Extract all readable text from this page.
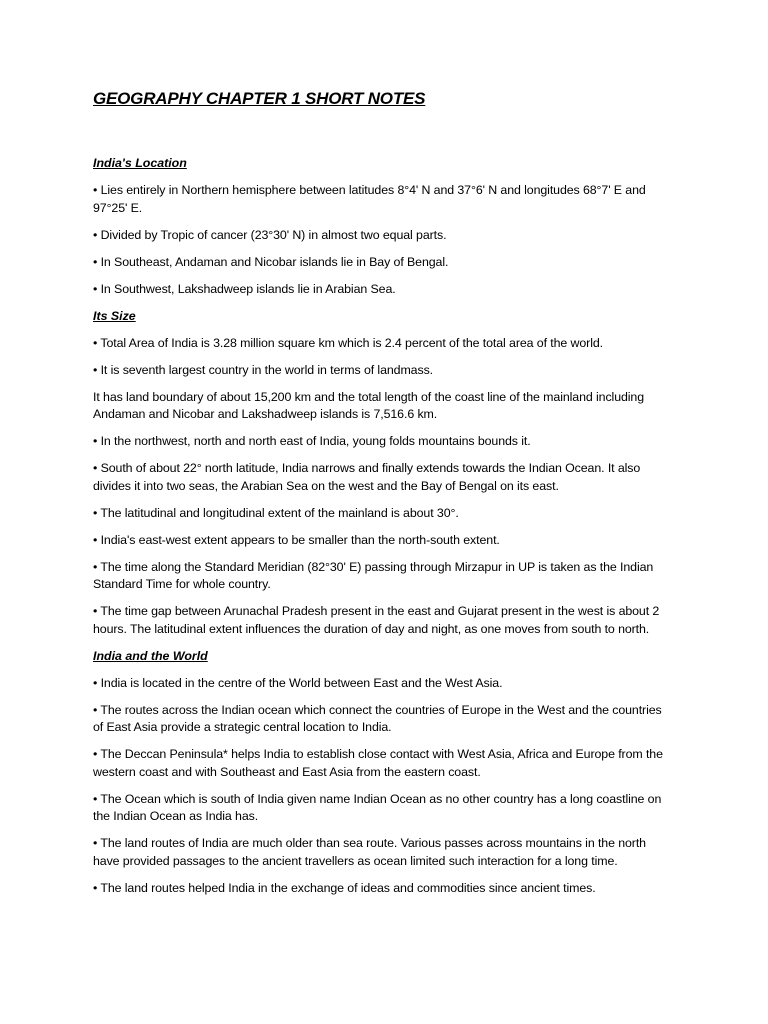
GEOGRAPHY CHAPTER 1 SHORT NOTES

India's Location

• Lies entirely in Northern hemisphere between latitudes 8°4' N and 37°6' N and longitudes 68°7' E and 97°25' E.

• Divided by Tropic of cancer (23°30' N) in almost two equal parts.

• In Southeast, Andaman and Nicobar islands lie in Bay of Bengal.

• In Southwest, Lakshadweep islands lie in Arabian Sea.

Its Size

• Total Area of India is 3.28 million square km which is 2.4 percent of the total area of the world.

• It is seventh largest country in the world in terms of landmass.

It has land boundary of about 15,200 km and the total length of the coast line of the mainland including Andaman and Nicobar and Lakshadweep islands is 7,516.6 km.

• In the northwest, north and north east of India, young folds mountains bounds it.

• South of about 22° north latitude, India narrows and finally extends towards the Indian Ocean. It also divides it into two seas, the Arabian Sea on the west and the Bay of Bengal on its east.

• The latitudinal and longitudinal extent of the mainland is about 30°.

• India's east-west extent appears to be smaller than the north-south extent.

• The time along the Standard Meridian (82°30' E) passing through Mirzapur in UP is taken as the Indian Standard Time for whole country.

• The time gap between Arunachal Pradesh present in the east and Gujarat present in the west is about 2 hours. The latitudinal extent influences the duration of day and night, as one moves from south to north.

India and the World

• India is located in the centre of the World between East and the West Asia.

• The routes across the Indian ocean which connect the countries of Europe in the West and the countries of East Asia provide a strategic central location to India.

• The Deccan Peninsula* helps India to establish close contact with West Asia, Africa and Europe from the western coast and with Southeast and East Asia from the eastern coast.

• The Ocean which is south of India given name Indian Ocean as no other country has a long coastline on the Indian Ocean as India has.

• The land routes of India are much older than sea route. Various passes across mountains in the north have provided passages to the ancient travellers as ocean limited such interaction for a long time.

• The land routes helped India in the exchange of ideas and commodities since ancient times.
